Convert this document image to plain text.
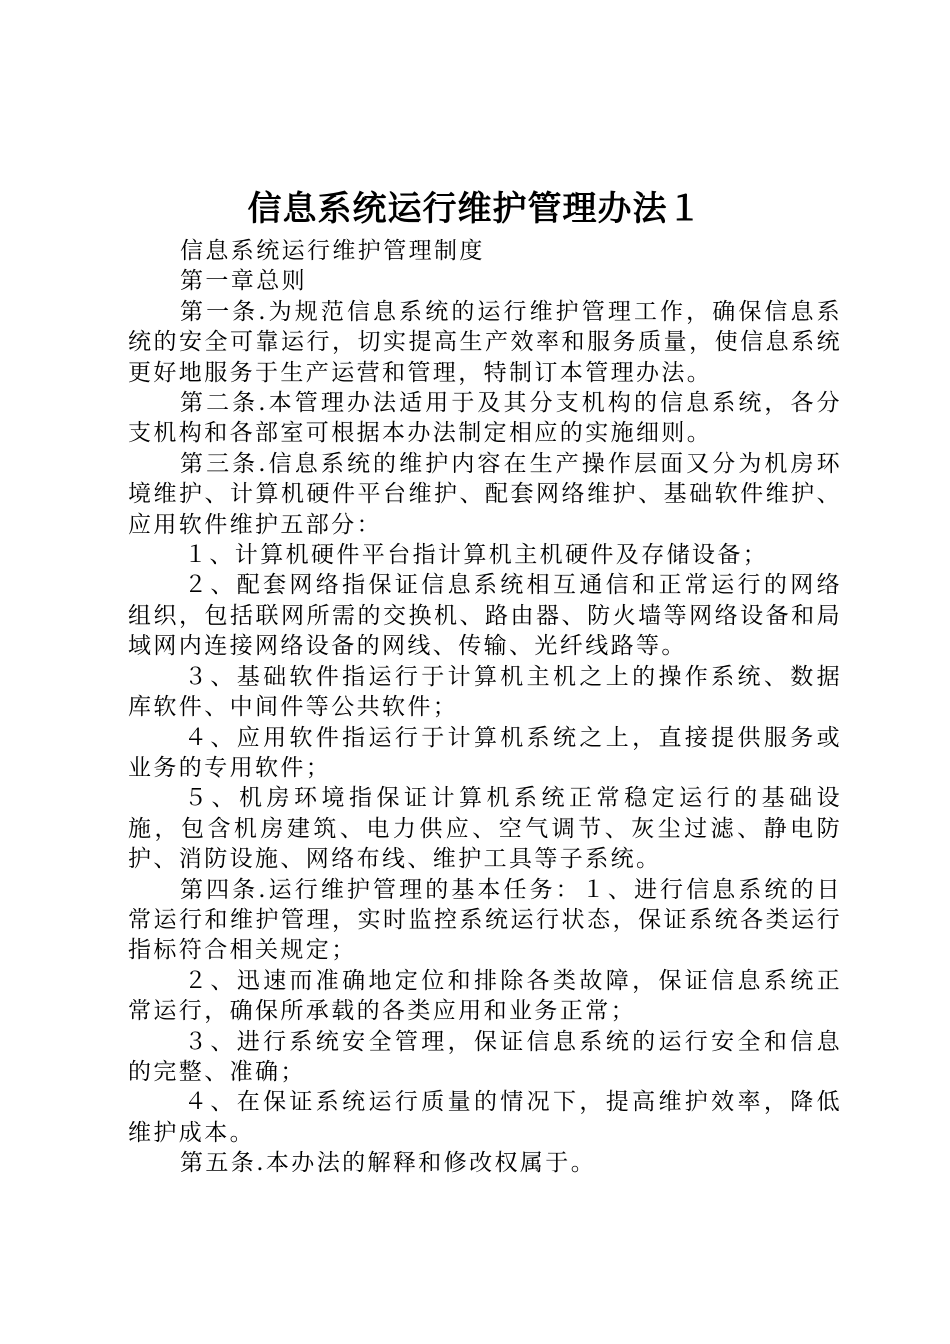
信息系统运行维护管理办法１

信息系统运行维护管理制度

第一章总则

第一条.为规范信息系统的运行维护管理工作，确保信息系统的安全可靠运行，切实提高生产效率和服务质量，使信息系统更好地服务于生产运营和管理，特制订本管理办法。

第二条.本管理办法适用于及其分支机构的信息系统，各分支机构和各部室可根据本办法制定相应的实施细则。

第三条.信息系统的维护内容在生产操作层面又分为机房环境维护、计算机硬件平台维护、配套网络维护、基础软件维护、应用软件维护五部分：

１、计算机硬件平台指计算机主机硬件及存储设备；

２、配套网络指保证信息系统相互通信和正常运行的网络组织，包括联网所需的交换机、路由器、防火墙等网络设备和局域网内连接网络设备的网线、传输、光纤线路等。

３、基础软件指运行于计算机主机之上的操作系统、数据库软件、中间件等公共软件；

４、应用软件指运行于计算机系统之上，直接提供服务或业务的专用软件；

５、机房环境指保证计算机系统正常稳定运行的基础设施，包含机房建筑、电力供应、空气调节、灰尘过滤、静电防护、消防设施、网络布线、维护工具等子系统。

第四条.运行维护管理的基本任务：１、进行信息系统的日常运行和维护管理，实时监控系统运行状态，保证系统各类运行指标符合相关规定；

２、迅速而准确地定位和排除各类故障，保证信息系统正常运行，确保所承载的各类应用和业务正常；

３、进行系统安全管理，保证信息系统的运行安全和信息的完整、准确；

４、在保证系统运行质量的情况下，提高维护效率，降低维护成本。

第五条.本办法的解释和修改权属于。
